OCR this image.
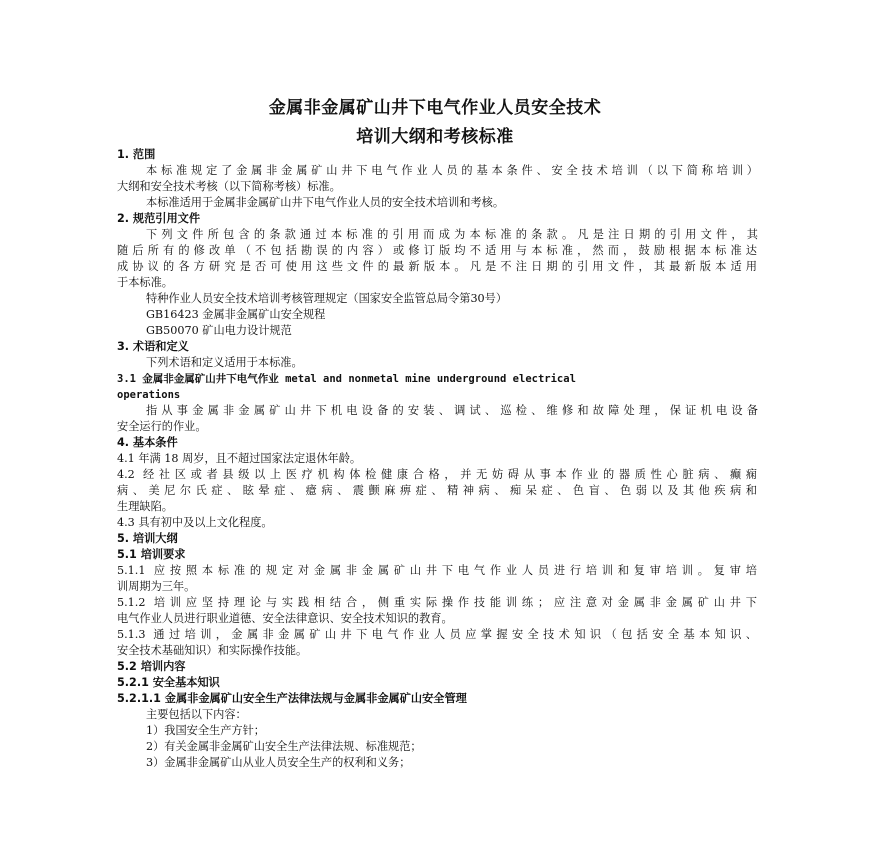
金属非金属矿山井下电气作业人员安全技术
培训大纲和考核标准
1. 范围
本标准规定了金属非金属矿山井下电气作业人员的基本条件、安全技术培训（以下简称培训）
大纲和安全技术考核（以下简称考核）标准。
本标准适用于金属非金属矿山井下电气作业人员的安全技术培训和考核。
2. 规范引用文件
下列文件所包含的条款通过本标准的引用而成为本标准的条款。凡是注日期的引用文件，其
随后所有的修改单（不包括勘误的内容）或修订版均不适用与本标准，然而，鼓励根据本标准达
成协议的各方研究是否可使用这些文件的最新版本。凡是不注日期的引用文件，其最新版本适用
于本标准。
特种作业人员安全技术培训考核管理规定（国家安全监管总局令第30号）
GB16423 金属非金属矿山安全规程
GB50070 矿山电力设计规范
3. 术语和定义
下列术语和定义适用于本标准。
3.1 金属非金属矿山井下电气作业 metal and nonmetal mine underground electrical
operations
指从事金属非金属矿山井下机电设备的安装、调试、巡检、维修和故障处理，保证机电设备
安全运行的作业。
4. 基本条件
4.1 年满 18 周岁，且不超过国家法定退休年龄。
4.2 经社区或者县级以上医疗机构体检健康合格，并无妨碍从事本作业的器质性心脏病、癫痫
病、美尼尔氏症、眩晕症、癔病、震颤麻痹症、精神病、痴呆症、色盲、色弱以及其他疾病和
生理缺陷。
4.3 具有初中及以上文化程度。
5. 培训大纲
5.1 培训要求
5.1.1 应按照本标准的规定对金属非金属矿山井下电气作业人员进行培训和复审培训。复审培
训周期为三年。
5.1.2 培训应坚持理论与实践相结合，侧重实际操作技能训练；应注意对金属非金属矿山井下
电气作业人员进行职业道德、安全法律意识、安全技术知识的教育。
5.1.3 通过培训，金属非金属矿山井下电气作业人员应掌握安全技术知识（包括安全基本知识、
安全技术基础知识）和实际操作技能。
5.2 培训内容
5.2.1 安全基本知识
5.2.1.1 金属非金属矿山安全生产法律法规与金属非金属矿山安全管理
主要包括以下内容：
1）我国安全生产方针；
2）有关金属非金属矿山安全生产法律法规、标准规范；
3）金属非金属矿山从业人员安全生产的权利和义务；
